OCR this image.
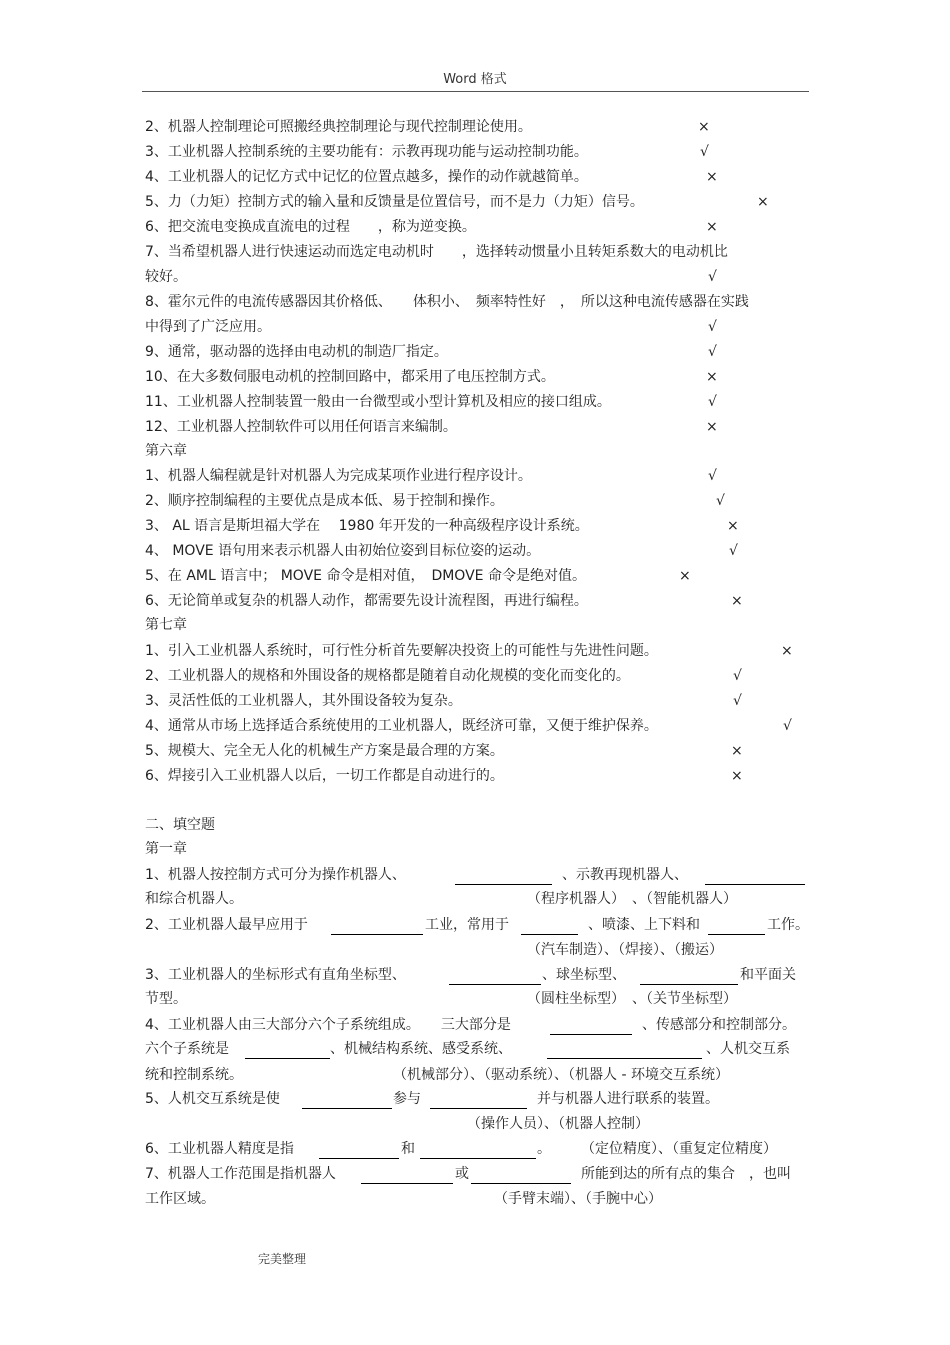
Word 格式
2、机器人控制理论可照搬经典控制理论与现代控制理论使用。	×
3、工业机器人控制系统的主要功能有：示教再现功能与运动控制功能。	√
4、工业机器人的记忆方式中记忆的位置点越多，操作的动作就越简单。	×
5、力（力矩）控制方式的输入量和反馈量是位置信号，而不是力（力矩）信号。	×
6、把交流电变换成直流电的过程　　，称为逆变换。	×
7、当希望机器人进行快速运动而选定电动机时　　，选择转动惯量小且转矩系数大的电动机比
较好。	√
8、霍尔元件的电流传感器因其价格低、　　体积小、　频率特性好　，　所以这种电流传感器在实践
中得到了广泛应用。	√
9、通常，驱动器的选择由电动机的制造厂指定。	√
10、在大多数伺服电动机的控制回路中，都采用了电压控制方式。	×
11、工业机器人控制装置一般由一台微型或小型计算机及相应的接口组成。	√
12、工业机器人控制软件可以用任何语言来编制。	×
第六章
1、机器人编程就是针对机器人为完成某项作业进行程序设计。	√
2、顺序控制编程的主要优点是成本低、易于控制和操作。	√
3、 AL 语言是斯坦福大学在　 1980 年开发的一种高级程序设计系统。	×
4、 MOVE 语句用来表示机器人由初始位姿到目标位姿的运动。	√
5、在 AML 语言中； MOVE 命令是相对值，　DMOVE 命令是绝对值。	×
6、无论简单或复杂的机器人动作，都需要先设计流程图，再进行编程。	×
第七章
1、引入工业机器人系统时，可行性分析首先要解决投资上的可能性与先进性问题。	×
2、工业机器人的规格和外围设备的规格都是随着自动化规模的变化而变化的。	√
3、灵活性低的工业机器人，其外围设备较为复杂。	√
4、通常从市场上选择适合系统使用的工业机器人，既经济可靠，又便于维护保养。	√
5、规模大、完全无人化的机械生产方案是最合理的方案。	×
6、焊接引入工业机器人以后，一切工作都是自动进行的。	×
二、填空题
第一章
1、机器人按控制方式可分为操作机器人、	、示教再现机器人、
和综合机器人。	（程序机器人）　、（智能机器人）
2、工业机器人最早应用于	工业，常用于	、喷漆、上下料和	工作。
（汽车制造）、（焊接）、（搬运）
3、工业机器人的坐标形式有直角坐标型、	、球坐标型、	和平面关
节型。	（圆柱坐标型）　、（关节坐标型）
4、工业机器人由三大部分六个子系统组成。　　三大部分是	、传感部分和控制部分。
六个子系统是	、机械结构系统、感受系统、	、人机交互系
统和控制系统。	（机械部分）、（驱动系统）、（机器人 - 环境交互系统）
5、人机交互系统是使	参与	并与机器人进行联系的装置。
（操作人员）、（机器人控制）
6、工业机器人精度是指	和	。 （定位精度）、（重复定位精度）
7、机器人工作范围是指机器人	或	所能到达的所有点的集合　，也叫
工作区域。	（手臂末端）、（手腕中心）
完美整理
